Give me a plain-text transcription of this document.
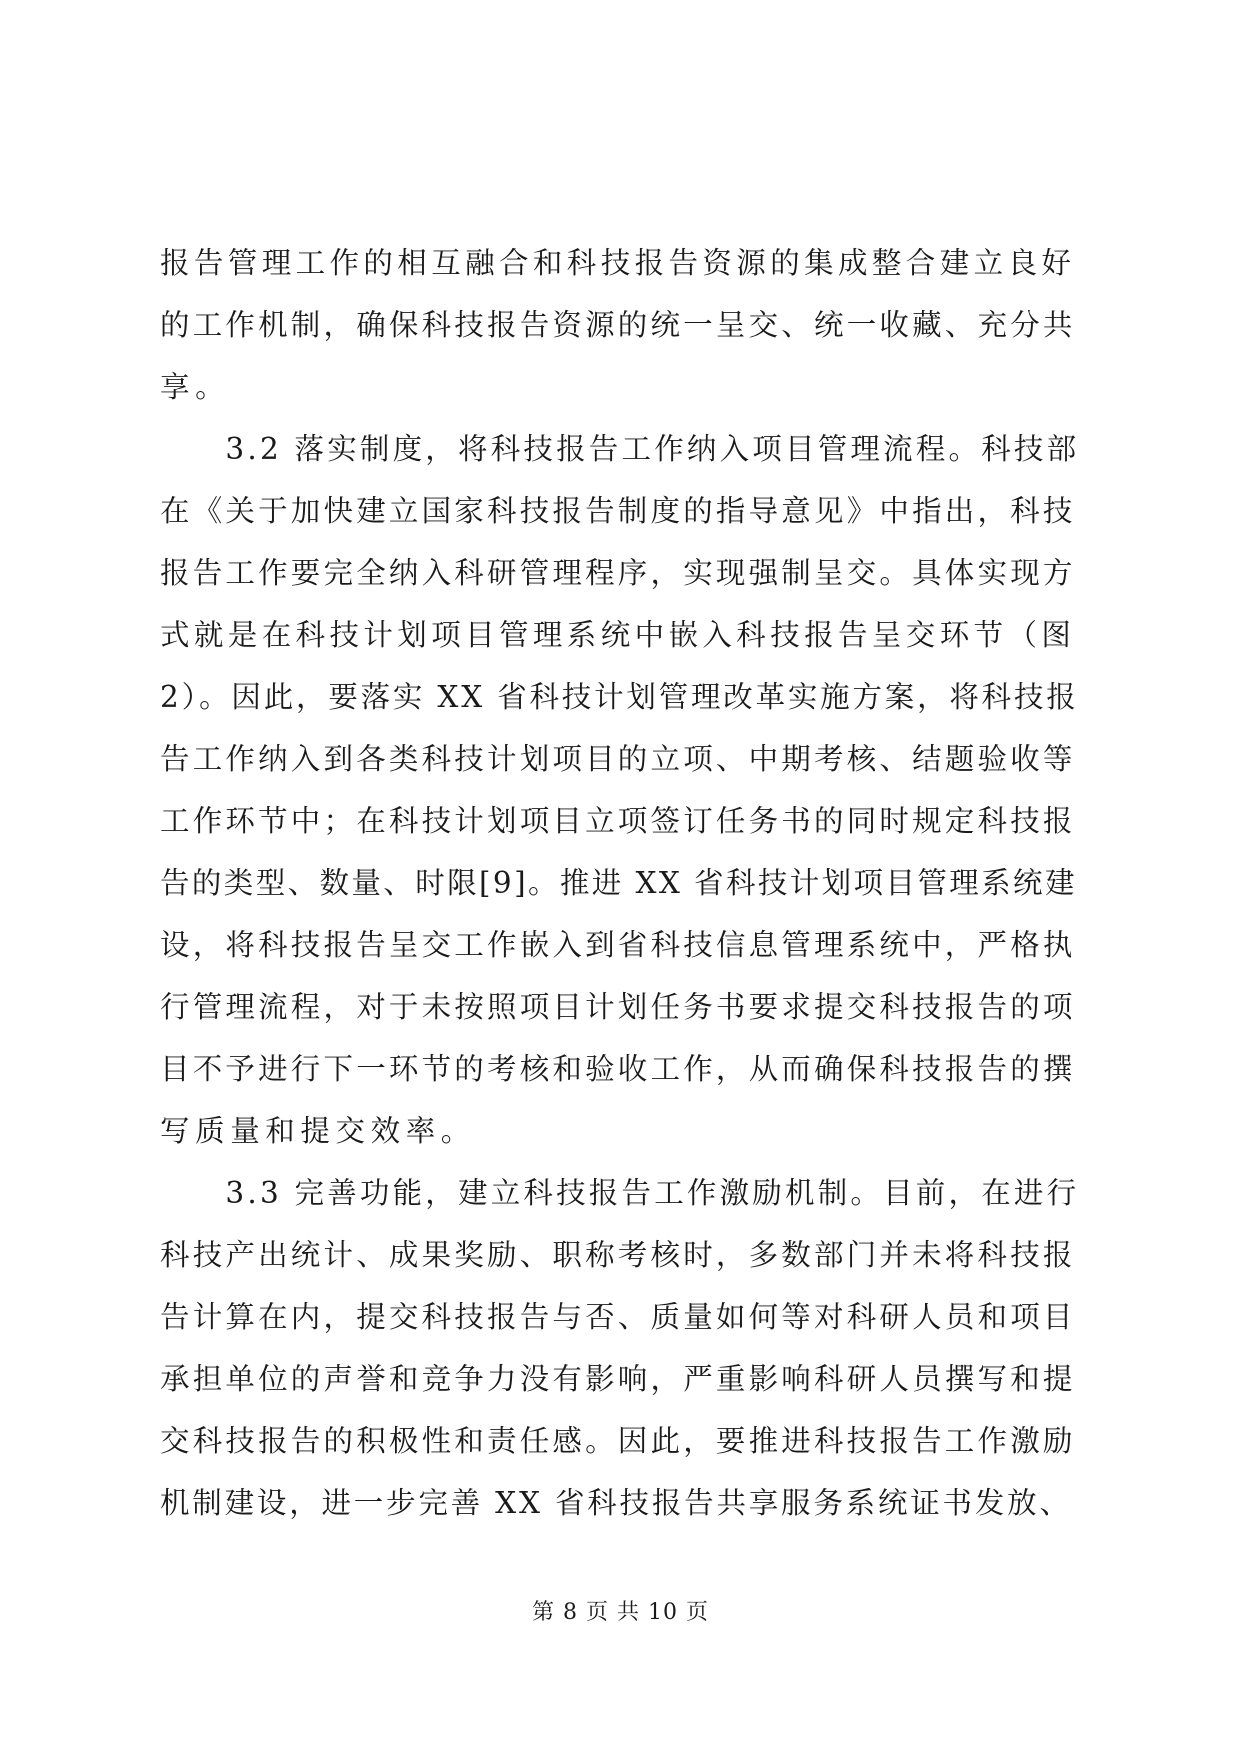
报告管理工作的相互融合和科技报告资源的集成整合建立良好
的工作机制，确保科技报告资源的统一呈交、统一收藏、充分共
享。
　　3.2 落实制度，将科技报告工作纳入项目管理流程。科技部
在《关于加快建立国家科技报告制度的指导意见》中指出，科技
报告工作要完全纳入科研管理程序，实现强制呈交。具体实现方
式就是在科技计划项目管理系统中嵌入科技报告呈交环节（图
2）。因此，要落实 XX 省科技计划管理改革实施方案，将科技报
告工作纳入到各类科技计划项目的立项、中期考核、结题验收等
工作环节中；在科技计划项目立项签订任务书的同时规定科技报
告的类型、数量、时限[9]。推进 XX 省科技计划项目管理系统建
设，将科技报告呈交工作嵌入到省科技信息管理系统中，严格执
行管理流程，对于未按照项目计划任务书要求提交科技报告的项
目不予进行下一环节的考核和验收工作，从而确保科技报告的撰
写质量和提交效率。
　　3.3 完善功能，建立科技报告工作激励机制。目前，在进行
科技产出统计、成果奖励、职称考核时，多数部门并未将科技报
告计算在内，提交科技报告与否、质量如何等对科研人员和项目
承担单位的声誉和竞争力没有影响，严重影响科研人员撰写和提
交科技报告的积极性和责任感。因此，要推进科技报告工作激励
机制建设，进一步完善 XX 省科技报告共享服务系统证书发放、
第 8 页 共 10 页
